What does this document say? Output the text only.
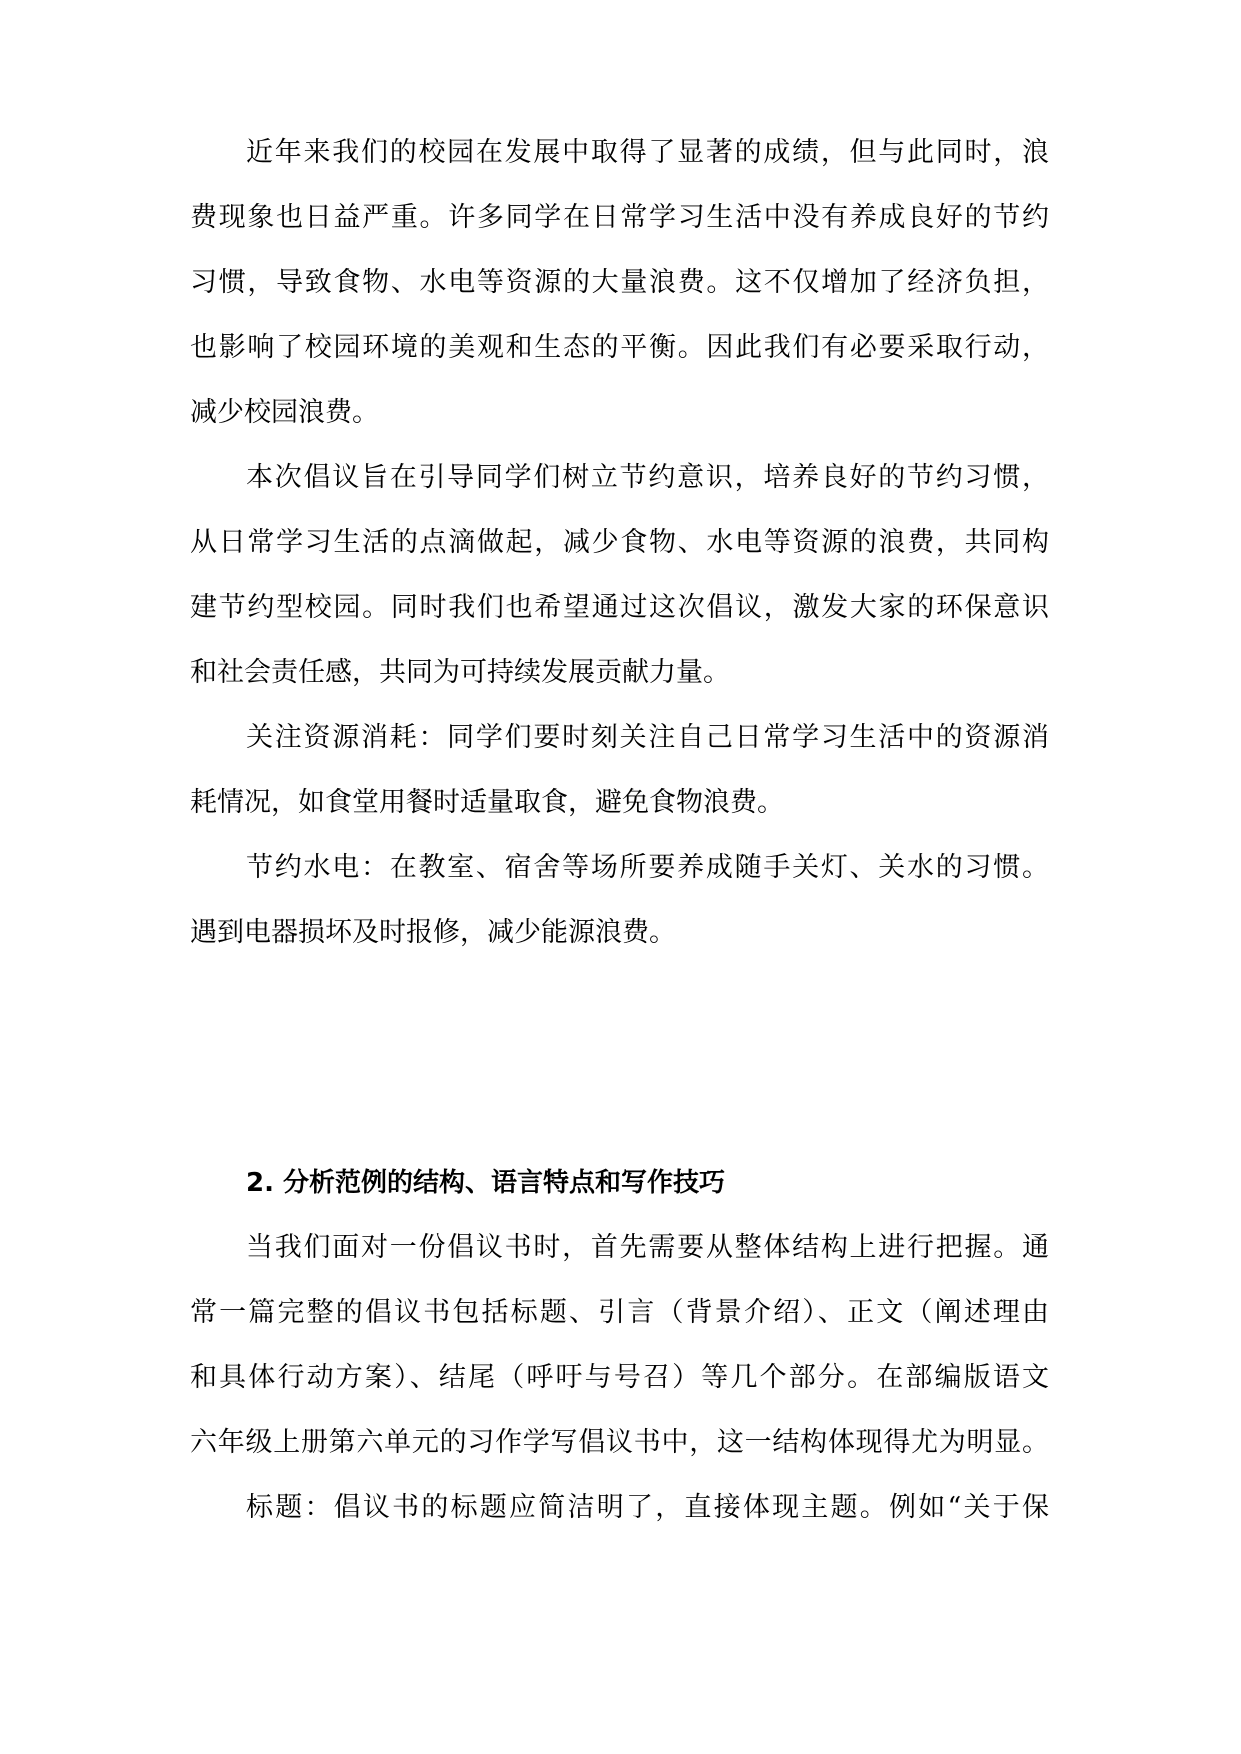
近年来我们的校园在发展中取得了显著的成绩，但与此同时，浪
费现象也日益严重。许多同学在日常学习生活中没有养成良好的节约
习惯，导致食物、水电等资源的大量浪费。这不仅增加了经济负担，
也影响了校园环境的美观和生态的平衡。因此我们有必要采取行动，
减少校园浪费。
本次倡议旨在引导同学们树立节约意识，培养良好的节约习惯，
从日常学习生活的点滴做起，减少食物、水电等资源的浪费，共同构
建节约型校园。同时我们也希望通过这次倡议，激发大家的环保意识
和社会责任感，共同为可持续发展贡献力量。
关注资源消耗：同学们要时刻关注自己日常学习生活中的资源消
耗情况，如食堂用餐时适量取食，避免食物浪费。
节约水电：在教室、宿舍等场所要养成随手关灯、关水的习惯。
遇到电器损坏及时报修，减少能源浪费。
2. 分析范例的结构、语言特点和写作技巧
当我们面对一份倡议书时，首先需要从整体结构上进行把握。通
常一篇完整的倡议书包括标题、引言（背景介绍）、正文（阐述理由
和具体行动方案）、结尾（呼吁与号召）等几个部分。在部编版语文
六年级上册第六单元的习作学写倡议书中，这一结构体现得尤为明显。
标题：倡议书的标题应简洁明了，直接体现主题。例如“关于保
